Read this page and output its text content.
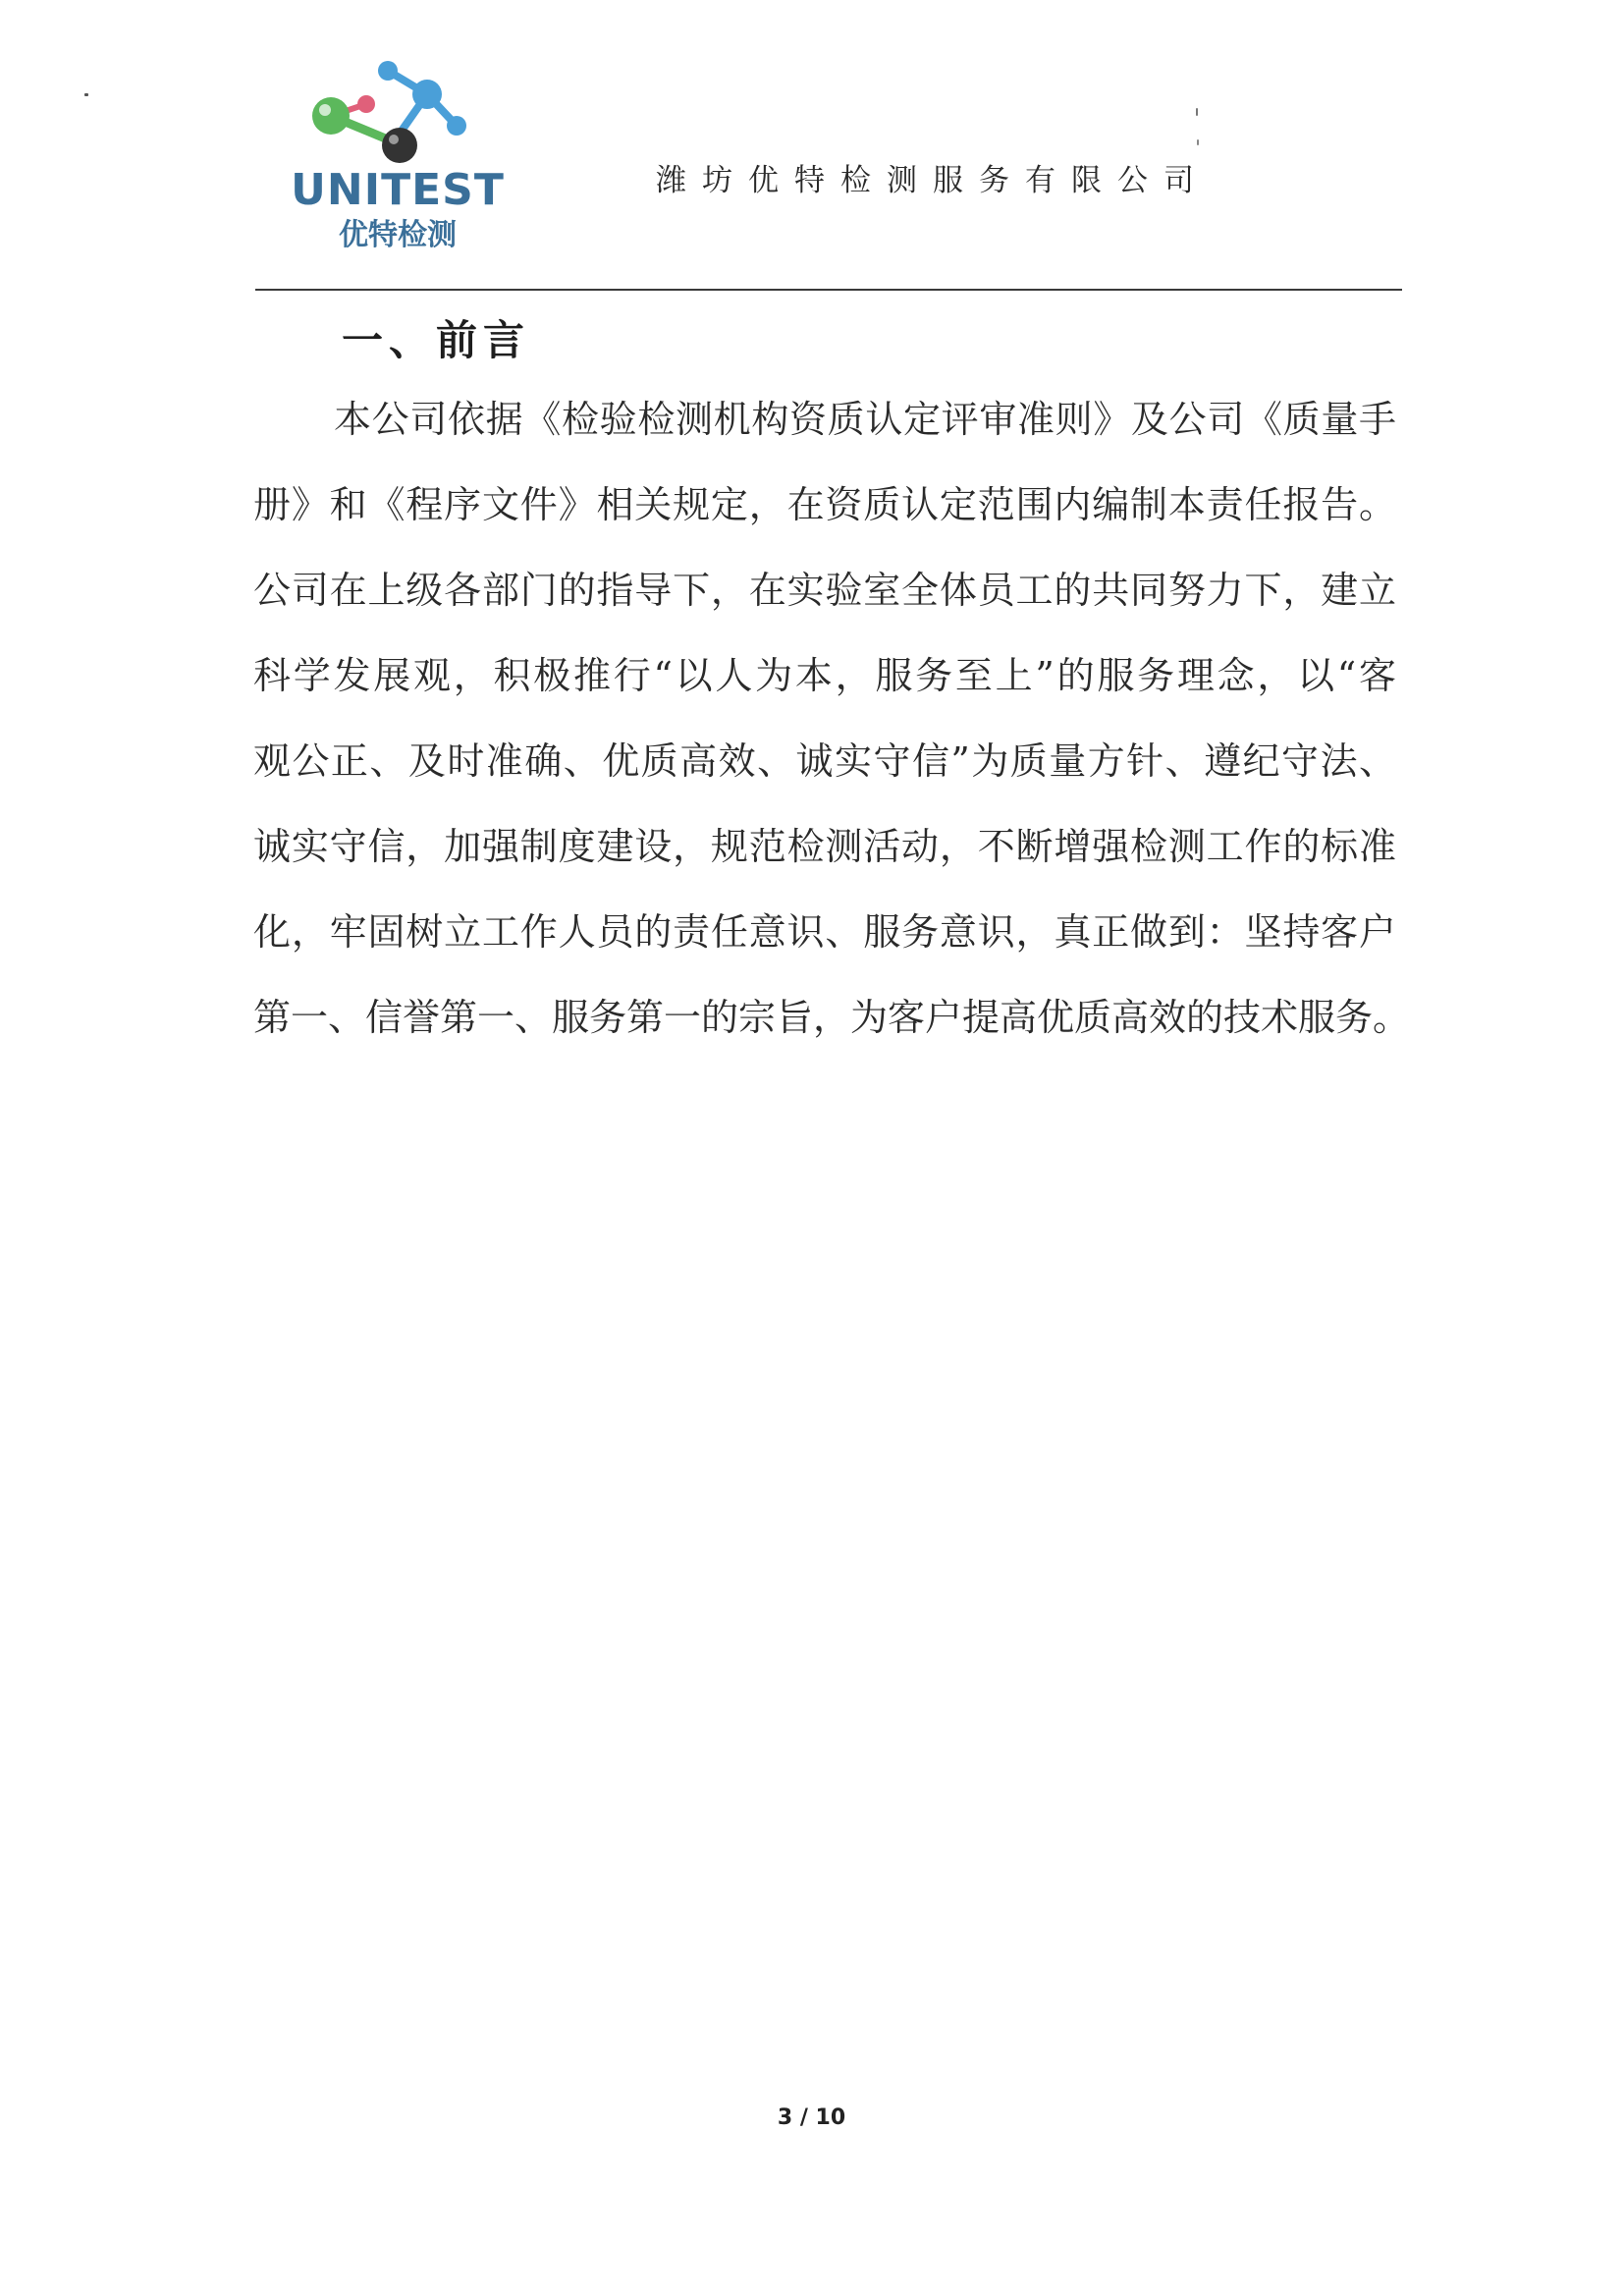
UNITEST
优特检测
潍坊优特检测服务有限公司
一、前言
本公司依据《检验检测机构资质认定评审准则》及公司《质量手
册》和《程序文件》相关规定，在资质认定范围内编制本责任报告。
公司在上级各部门的指导下，在实验室全体员工的共同努力下，建立
科学发展观，积极推行“以人为本，服务至上”的服务理念，以“客
观公正、及时准确、优质高效、诚实守信”为质量方针、遵纪守法、
诚实守信，加强制度建设，规范检测活动，不断增强检测工作的标准
化，牢固树立工作人员的责任意识、服务意识，真正做到：坚持客户
第一、信誉第一、服务第一的宗旨，为客户提高优质高效的技术服务。
3 / 10
